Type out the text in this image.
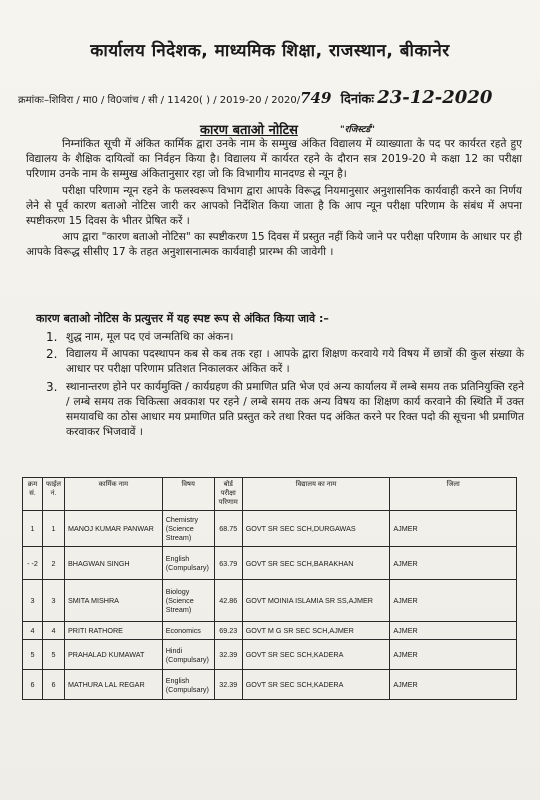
कार्यालय निदेशक, माध्यमिक शिक्षा, राजस्थान, बीकानेर
क्रमांकः–शिविरा / मा0 / वि0जांच / सी / 11420( ) / 2019-20 / 2020/749 दिनांकः 23-12-2020
कारण बताओ नोटिस	"रजिस्टर्ड"

निम्नांकित सूची में अंकित कार्मिक द्वारा उनके नाम के सम्मुख अंकित विद्यालय में व्याख्याता के पद पर कार्यरत रहते हुए विद्यालय के शैक्षिक दायित्वों का निर्वहन किया है। विद्यालय में कार्यरत रहने के दौरान सत्र 2019-20 मे कक्षा 12 का परीक्षा परिणाम उनके नाम के सम्मुख अंकितानुसार रहा जो कि विभागीय मानदण्ड से न्यून है।

परीक्षा परिणाम न्यून रहने के फलस्वरूप विभाग द्वारा आपके विरूद्ध नियमानुसार अनुशासनिक कार्यवाही करने का निर्णय लेने से पूर्व कारण बताओ नोटिस जारी कर आपको निर्देशित किया जाता है कि आप न्यून परीक्षा परिणाम के संबंध में अपना स्पष्टीकरण 15 दिवस के भीतर प्रेषित करें ।

आप द्वारा "कारण बताओ नोटिस" का स्पष्टीकरण 15 दिवस में प्रस्तुत नहीं किये जाने पर परीक्षा परिणाम के आधार पर ही आपके विरूद्ध सीसीए 17 के तहत अनुशासनात्मक कार्यवाही प्रारम्भ की जावेगी ।

कारण बताओ नोटिस के प्रत्युत्तर में यह स्पष्ट रूप से अंकित किया जावे :–
1. शुद्ध नाम, मूल पद एवं जन्मतिथि का अंकन।
2. विद्यालय में आपका पदस्थापन कब से कब तक रहा । आपके द्वारा शिक्षण करवाये गये विषय में छात्रों की कुल संख्या के आधार पर परीक्षा परिणाम प्रतिशत निकालकर अंकित करें ।
3. स्थानान्तरण होने पर कार्यमुक्ति / कार्यग्रहण की प्रमाणित प्रति भेज एवं अन्य कार्यालय में लम्बे समय तक प्रतिनियुक्ति रहने / लम्बे समय तक चिकित्सा अवकाश पर रहने / लम्बे समय तक अन्य विषय का शिक्षण कार्य करवाने की स्थिति में उक्त समयावधि का ठोस आधार मय प्रमाणित प्रति प्रस्तुत करे तथा रिक्त पद अंकित करने पर रिक्त पदो की सूचना भी प्रमाणित करवाकर भिजवावें ।
क्रम सं.	फाईल नं.	कार्मिक नाम	विषय	बोर्ड परीक्षा परिणाम	विद्यालय का नाम	जिला
1	1	MANOJ KUMAR PANWAR	Chemistry (Science Stream)	68.75	GOVT SR SEC SCH,DURGAWAS	AJMER
- -2	2	BHAGWAN SINGH	English (Compulsary)	63.79	GOVT SR SEC SCH,BARAKHAN	AJMER
3	3	SMITA MISHRA	Biology (Science Stream)	42.86	GOVT MOINIA ISLAMIA SR SS,AJMER	AJMER
4	4	PRITI RATHORE	Economics	69.23	GOVT M G SR SEC SCH,AJMER	AJMER
5	5	PRAHALAD KUMAWAT	Hindi (Compulsary)	32.39	GOVT SR SEC SCH,KADERA	AJMER
6	6	MATHURA LAL REGAR	English (Compulsary)	32.39	GOVT SR SEC SCH,KADERA	AJMER
